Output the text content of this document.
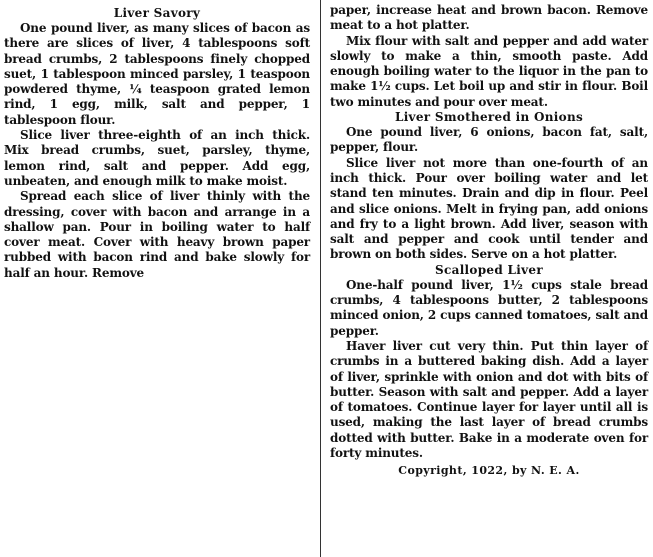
Liver Savory

One pound liver, as many slices of bacon as there are slices of liver, 4 tablespoons soft bread crumbs, 2 tablespoons finely chopped suet, 1 tablespoon minced parsley, 1 teaspoon powdered thyme, ¼ teaspoon grated lemon rind, 1 egg, milk, salt and pepper, 1 tablespoon flour.

Slice liver three-eighth of an inch thick. Mix bread crumbs, suet, parsley, thyme, lemon rind, salt and pepper. Add egg, unbeaten, and enough milk to make moist.

Spread each slice of liver thinly with the dressing, cover with bacon and arrange in a shallow pan. Pour in boiling water to half cover meat. Cover with heavy brown paper rubbed with bacon rind and bake slowly for half an hour. Remove

paper, increase heat and brown bacon. Remove meat to a hot platter.

Mix flour with salt and pepper and add water slowly to make a thin, smooth paste. Add enough boiling water to the liquor in the pan to make 1½ cups. Let boil up and stir in flour. Boil two minutes and pour over meat.

Liver Smothered in Onions

One pound liver, 6 onions, bacon fat, salt, pepper, flour.

Slice liver not more than one-fourth of an inch thick. Pour over boiling water and let stand ten minutes. Drain and dip in flour. Peel and slice onions. Melt in frying pan, add onions and fry to a light brown. Add liver, season with salt and pepper and cook until tender and brown on both sides. Serve on a hot platter.

Scalloped Liver

One-half pound liver, 1½ cups stale bread crumbs, 4 tablespoons butter, 2 tablespoons minced onion, 2 cups canned tomatoes, salt and pepper.

Haver liver cut very thin. Put thin layer of crumbs in a buttered baking dish. Add a layer of liver, sprinkle with onion and dot with bits of butter. Season with salt and pepper. Add a layer of tomatoes. Continue layer for layer until all is used, making the last layer of bread crumbs dotted with butter. Bake in a moderate oven for forty minutes.

Copyright, 1022, by N. E. A.
